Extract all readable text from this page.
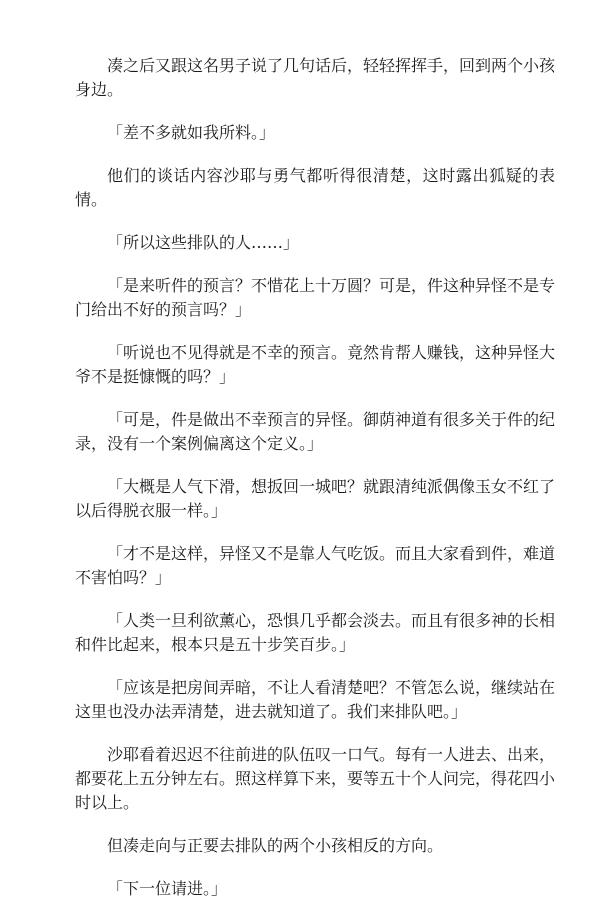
凑之后又跟这名男子说了几句话后，轻轻挥挥手，回到两个小孩身边。

「差不多就如我所料。」

他们的谈话内容沙耶与勇气都听得很清楚，这时露出狐疑的表情。

「所以这些排队的人……」

「是来听件的预言？不惜花上十万圆？可是，件这种异怪不是专门给出不好的预言吗？」

「听说也不见得就是不幸的预言。竟然肯帮人赚钱，这种异怪大爷不是挺慷慨的吗？」

「可是，件是做出不幸预言的异怪。御荫神道有很多关于件的纪录，没有一个案例偏离这个定义。」

「大概是人气下滑，想扳回一城吧？就跟清纯派偶像玉女不红了以后得脱衣服一样。」

「才不是这样，异怪又不是靠人气吃饭。而且大家看到件，难道不害怕吗？」

「人类一旦利欲薰心，恐惧几乎都会淡去。而且有很多神的长相和件比起来，根本只是五十步笑百步。」

「应该是把房间弄暗，不让人看清楚吧？不管怎么说，继续站在这里也没办法弄清楚，进去就知道了。我们来排队吧。」

沙耶看着迟迟不往前进的队伍叹一口气。每有一人进去、出来，都要花上五分钟左右。照这样算下来，要等五十个人问完，得花四小时以上。

但凑走向与正要去排队的两个小孩相反的方向。

「下一位请进。」
